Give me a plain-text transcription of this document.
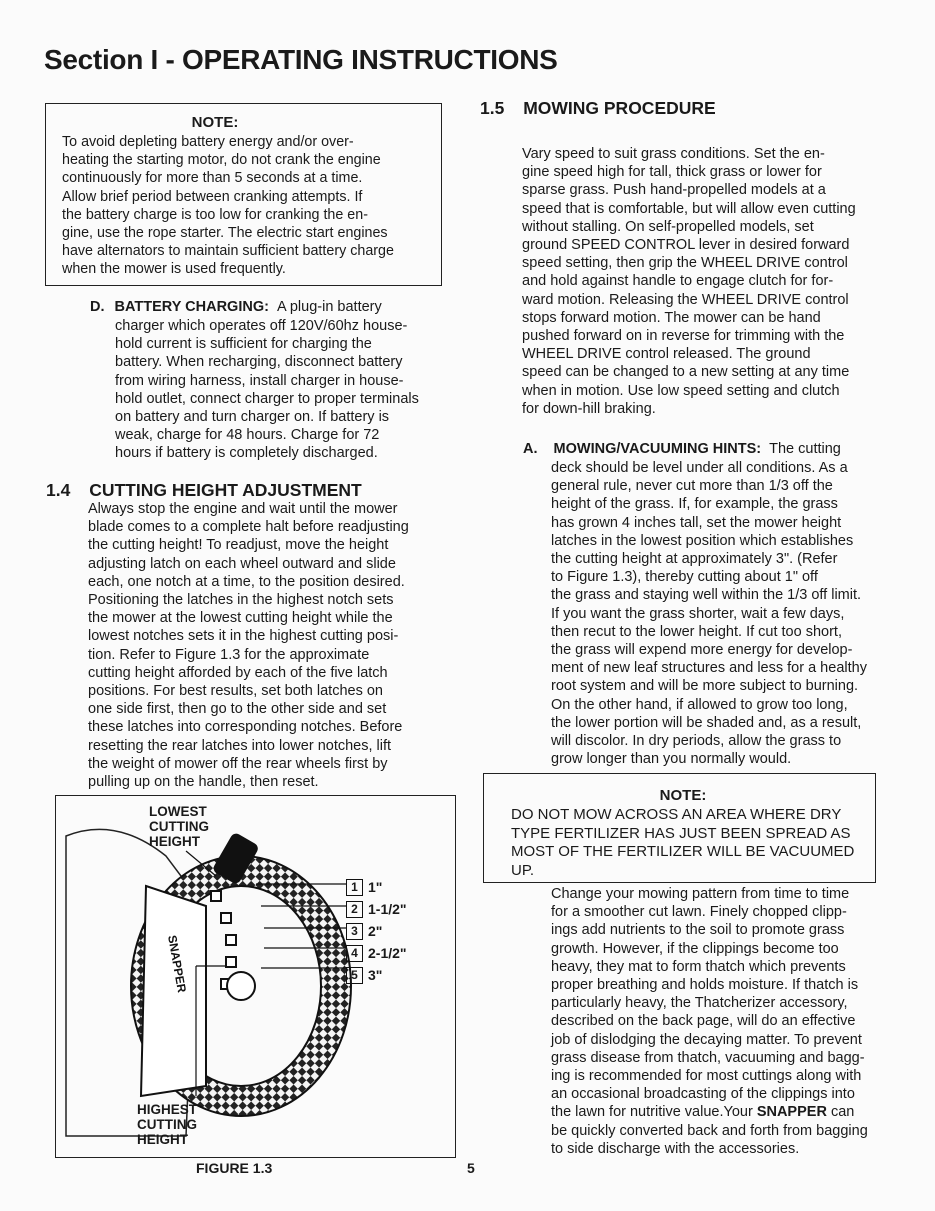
Section I - OPERATING INSTRUCTIONS
NOTE:
To avoid depleting battery energy and/or over-
heating the starting motor, do not crank the engine
continuously for more than 5 seconds at a time.
Allow brief period between cranking attempts. If
the battery charge is too low for cranking the en-
gine, use the rope starter. The electric start engines
have alternators to maintain sufficient battery charge
when the mower is used frequently.
D. BATTERY CHARGING: A plug-in battery
charger which operates off 120V/60hz house-
hold current is sufficient for charging the
battery. When recharging, disconnect battery
from wiring harness, install charger in house-
hold outlet, connect charger to proper terminals
on battery and turn charger on. If battery is
weak, charge for 48 hours. Charge for 72
hours if battery is completely discharged.
1.4 CUTTING HEIGHT ADJUSTMENT
Always stop the engine and wait until the mower
blade comes to a complete halt before readjusting
the cutting height! To readjust, move the height
adjusting latch on each wheel outward and slide
each, one notch at a time, to the position desired.
Positioning the latches in the highest notch sets
the mower at the lowest cutting height while the
lowest notches sets it in the highest cutting posi-
tion. Refer to Figure 1.3 for the approximate
cutting height afforded by each of the five latch
positions. For best results, set both latches on
one side first, then go to the other side and set
these latches into corresponding notches. Before
resetting the rear latches into lower notches, lift
the weight of mower off the rear wheels first by
pulling up on the handle, then reset.
SNAPPER
LOWEST
CUTTING
HEIGHT
HIGHEST
CUTTING
HEIGHT
1 1"
2 1-1/2"
3 2"
4 2-1/2"
5 3"
FIGURE 1.3
1.5 MOWING PROCEDURE
Vary speed to suit grass conditions. Set the en-
gine speed high for tall, thick grass or lower for
sparse grass. Push hand-propelled models at a
speed that is comfortable, but will allow even cutting
without stalling. On self-propelled models, set
ground SPEED CONTROL lever in desired forward
speed setting, then grip the WHEEL DRIVE control
and hold against handle to engage clutch for for-
ward motion. Releasing the WHEEL DRIVE control
stops forward motion. The mower can be hand
pushed forward on in reverse for trimming with the
WHEEL DRIVE control released. The ground
speed can be changed to a new setting at any time
when in motion. Use low speed setting and clutch
for down-hill braking.
A. MOWING/VACUUMING HINTS: The cutting
deck should be level under all conditions. As a
general rule, never cut more than 1/3 off the
height of the grass. If, for example, the grass
has grown 4 inches tall, set the mower height
latches in the lowest position which establishes
the cutting height at approximately 3". (Refer
to Figure 1.3), thereby cutting about 1" off
the grass and staying well within the 1/3 off limit.
If you want the grass shorter, wait a few days,
then recut to the lower height. If cut too short,
the grass will expend more energy for develop-
ment of new leaf structures and less for a healthy
root system and will be more subject to burning.
On the other hand, if allowed to grow too long,
the lower portion will be shaded and, as a result,
will discolor. In dry periods, allow the grass to
grow longer than you normally would.
NOTE:
DO NOT MOW ACROSS AN AREA WHERE DRY
TYPE FERTILIZER HAS JUST BEEN SPREAD AS
MOST OF THE FERTILIZER WILL BE VACUUMED
UP.
Change your mowing pattern from time to time
for a smoother cut lawn. Finely chopped clipp-
ings add nutrients to the soil to promote grass
growth. However, if the clippings become too
heavy, they mat to form thatch which prevents
proper breathing and holds moisture. If thatch is
particularly heavy, the Thatcherizer accessory,
described on the back page, will do an effective
job of dislodging the decaying matter. To prevent
grass disease from thatch, vacuuming and bagg-
ing is recommended for most cuttings along with
an occasional broadcasting of the clippings into
the lawn for nutritive value.Your SNAPPER can
be quickly converted back and forth from bagging
to side discharge with the accessories.
5
